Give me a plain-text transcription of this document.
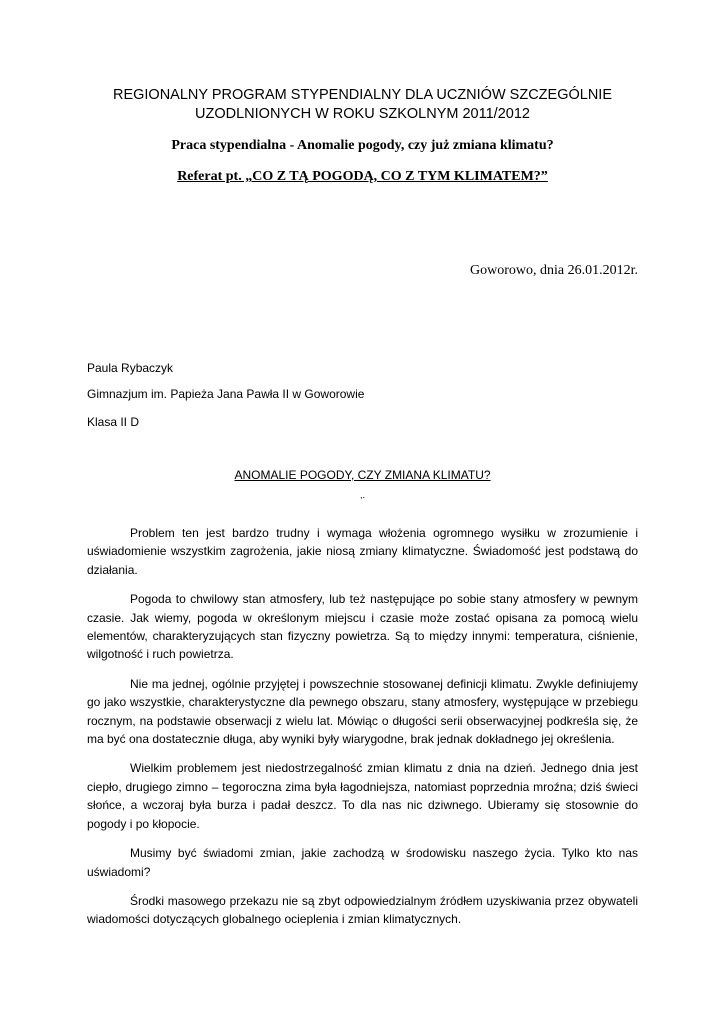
REGIONALNY PROGRAM STYPENDIALNY DLA UCZNIÓW SZCZEGÓLNIE UZODLNIONYCH W ROKU SZKOLNYM 2011/2012
Praca stypendialna - Anomalie pogody, czy już zmiana klimatu?
Referat pt. „CO Z TĄ POGODĄ, CO Z TYM KLIMATEM?”
Goworowo, dnia 26.01.2012r.
Paula Rybaczyk
Gimnazjum im. Papieża Jana Pawła II w Goworowie
Klasa II D
ANOMALIE POGODY, CZY ZMIANA KLIMATU?
,.

Problem ten jest bardzo trudny i wymaga włożenia ogromnego wysiłku w zrozumienie i uświadomienie wszystkim zagrożenia, jakie niosą zmiany klimatyczne. Świadomość jest podstawą do działania.

Pogoda to chwilowy stan atmosfery, lub też następujące po sobie stany atmosfery w pewnym czasie. Jak wiemy, pogoda w określonym miejscu i czasie może zostać opisana za pomocą wielu elementów, charakteryzujących stan fizyczny powietrza. Są to między innymi: temperatura, ciśnienie, wilgotność i ruch powietrza.

Nie ma jednej, ogólnie przyjętej i powszechnie stosowanej definicji klimatu. Zwykle definiujemy go jako wszystkie, charakterystyczne dla pewnego obszaru, stany atmosfery, występujące w przebiegu rocznym, na podstawie obserwacji z wielu lat. Mówiąc o długości serii obserwacyjnej podkreśla się, że ma być ona dostatecznie długa, aby wyniki były wiarygodne, brak jednak dokładnego jej określenia.

Wielkim problemem jest niedostrzegalność zmian klimatu z dnia na dzień. Jednego dnia jest ciepło, drugiego zimno – tegoroczna zima była łagodniejsza, natomiast poprzednia mroźna; dziś świeci słońce, a wczoraj była burza i padał deszcz. To dla nas nic dziwnego. Ubieramy się stosownie do pogody i po kłopocie.

Musimy być świadomi zmian, jakie zachodzą w środowisku naszego życia. Tylko kto nas uświadomi?

Środki masowego przekazu nie są zbyt odpowiedzialnym źródłem uzyskiwania przez obywateli wiadomości dotyczących globalnego ocieplenia i zmian klimatycznych.
